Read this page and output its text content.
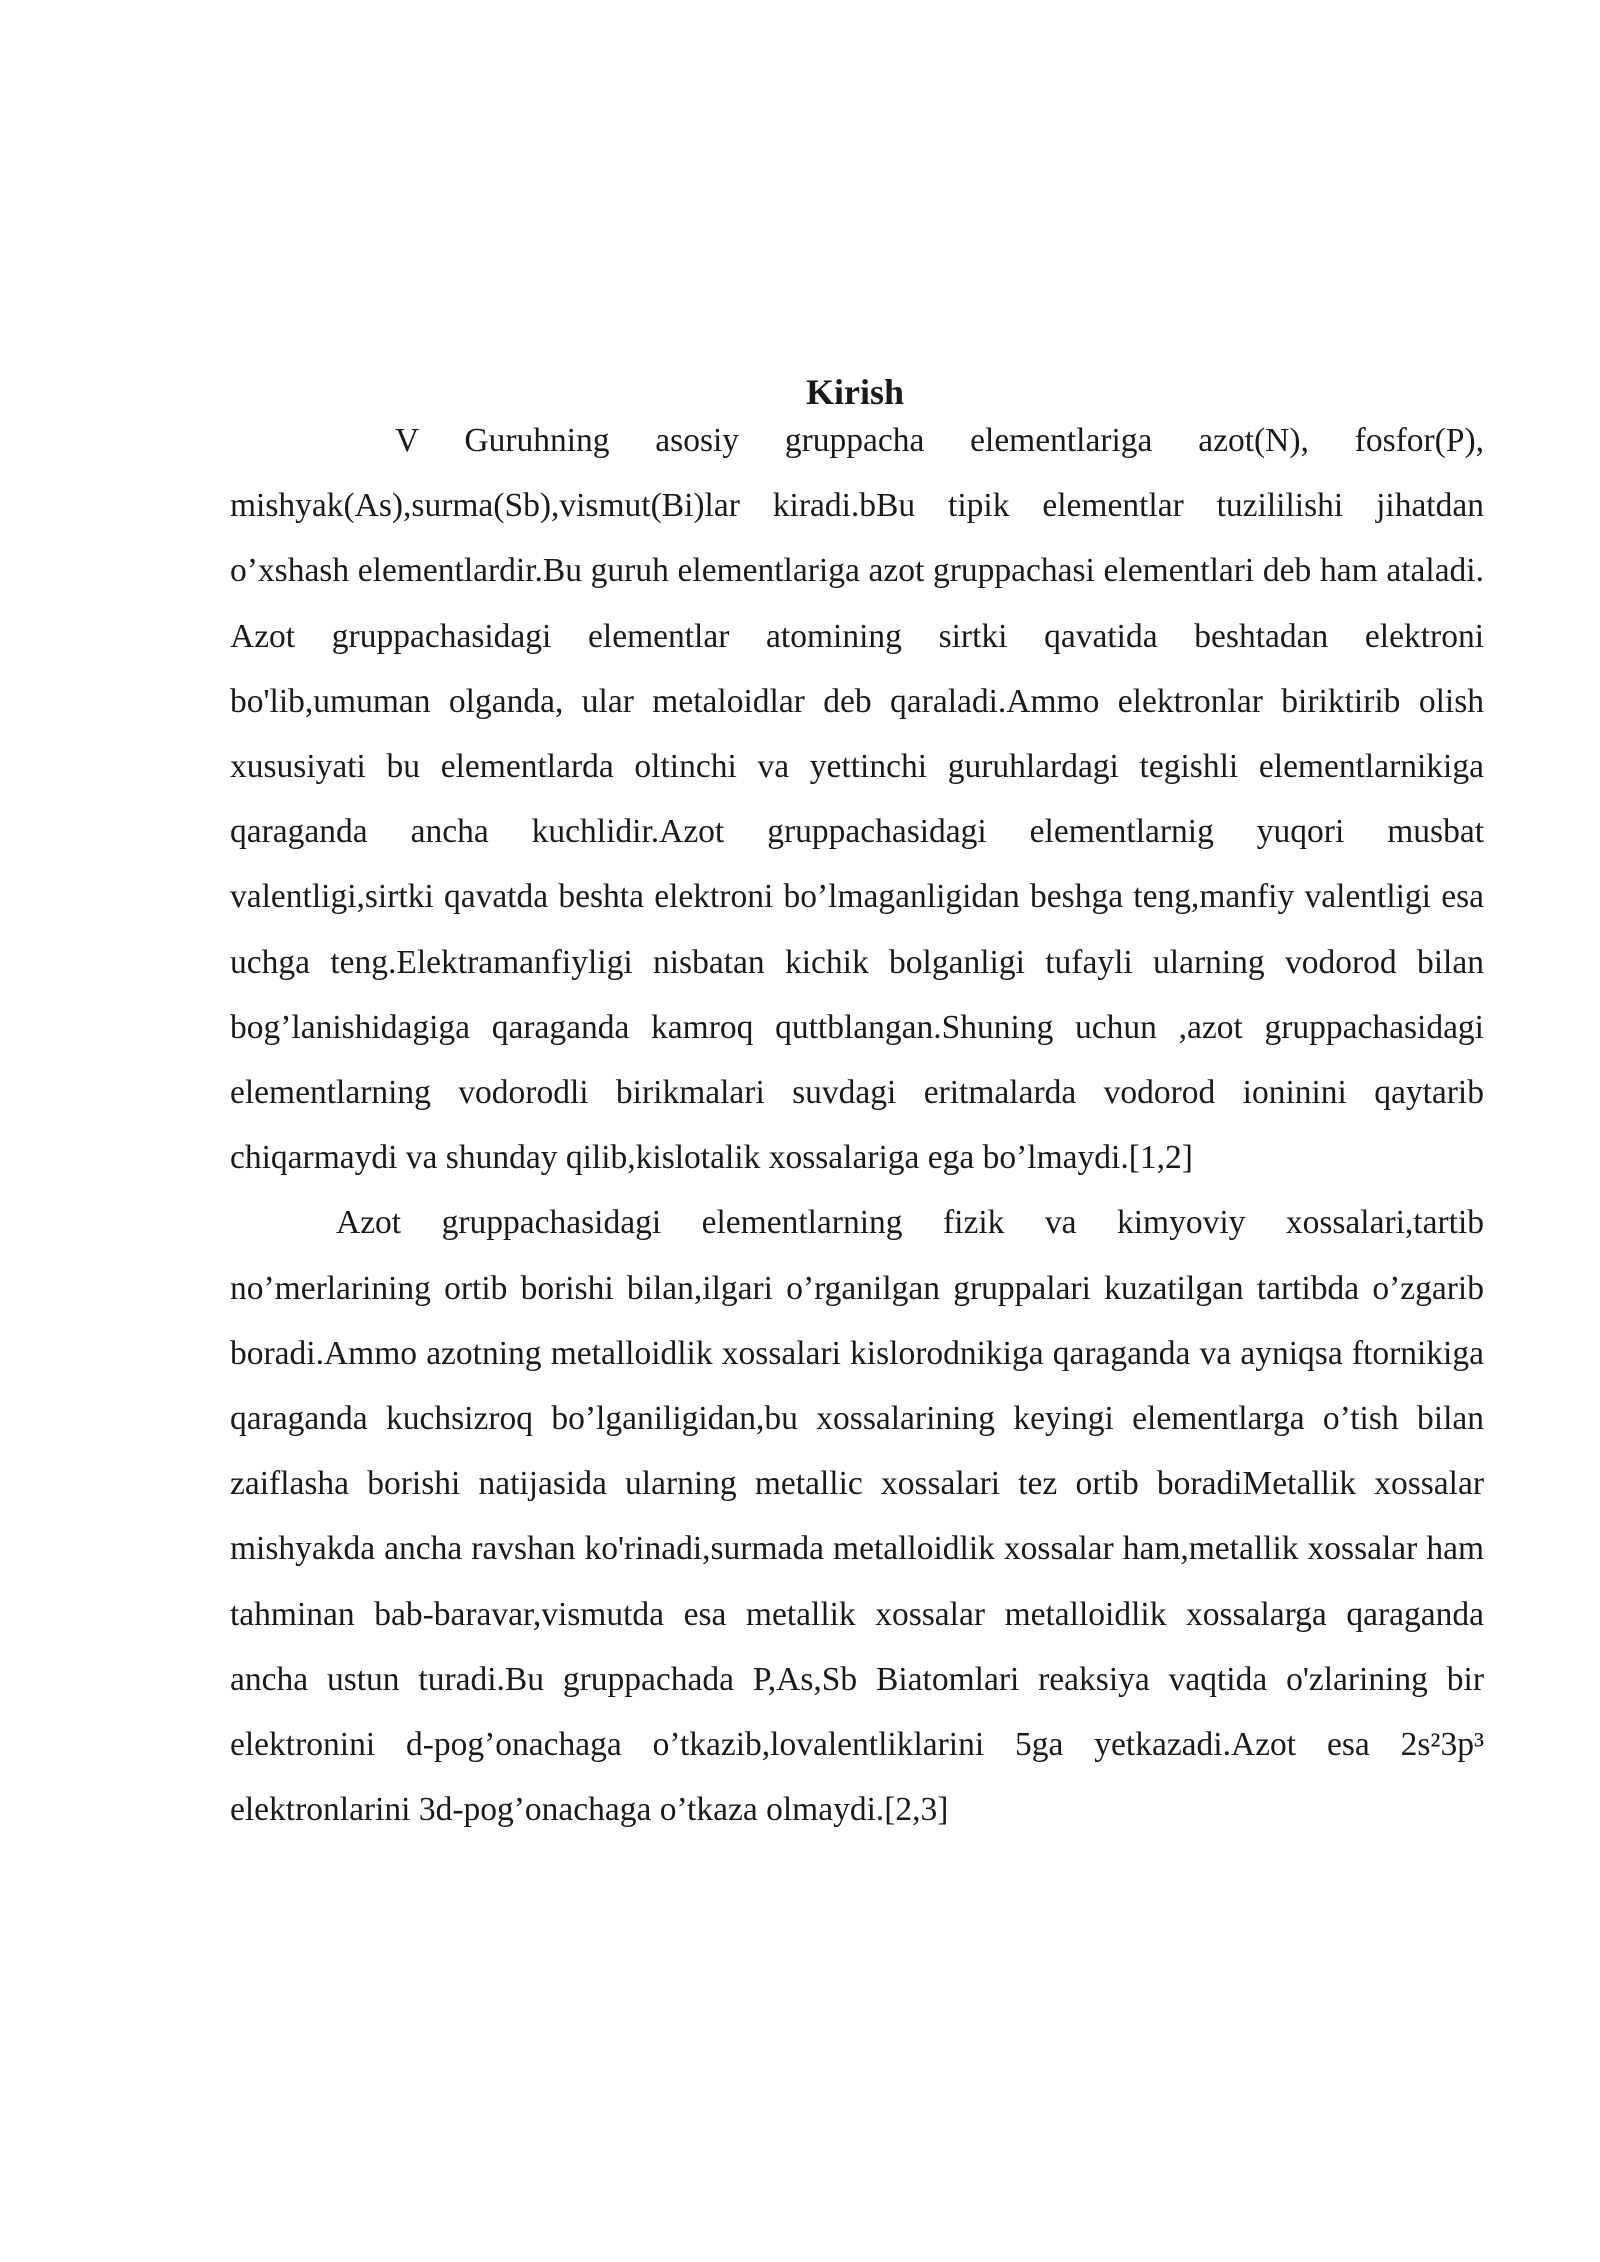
Kirish

V Guruhning asosiy gruppacha elementlariga azot(N), fosfor(P), mishyak(As),surma(Sb),vismut(Bi)lar kiradi.bBu tipik elementlar tuzililishi jihatdan o’xshash elementlardir.Bu guruh elementlariga azot gruppachasi elementlari deb ham ataladi. Azot gruppachasidagi elementlar atomining sirtki qavatida beshtadan elektroni bo'lib,umuman olganda, ular metaloidlar deb qaraladi.Ammo elektronlar biriktirib olish xususiyati bu elementlarda oltinchi va yettinchi guruhlardagi tegishli elementlarnikiga qaraganda ancha kuchlidir.Azot gruppachasidagi elementlarnig yuqori musbat valentligi,sirtki qavatda beshta elektroni bo’lmaganligidan beshga teng,manfiy valentligi esa uchga teng.Elektramanfiyligi nisbatan kichik bolganligi tufayli ularning vodorod bilan bog’lanishidagiga qaraganda kamroq quttblangan.Shuning uchun ,azot gruppachasidagi elementlarning vodorodli birikmalari suvdagi eritmalarda vodorod ioninini qaytarib chiqarmaydi va shunday qilib,kislotalik xossalariga ega bo’lmaydi.[1,2]

Azot gruppachasidagi elementlarning fizik va kimyoviy xossalari,tartib no’merlarining ortib borishi bilan,ilgari o’rganilgan gruppalari kuzatilgan tartibda o’zgarib boradi.Ammo azotning metalloidlik xossalari kislorodnikiga qaraganda va ayniqsa ftornikiga qaraganda kuchsizroq bo’lganiligidan,bu xossalarining keyingi elementlarga o’tish bilan zaiflasha borishi natijasida ularning metallic xossalari tez ortib boradiMetallik xossalar mishyakda ancha ravshan ko'rinadi,surmada metalloidlik xossalar ham,metallik xossalar ham tahminan bab-baravar,vismutda esa metallik xossalar metalloidlik xossalarga qaraganda ancha ustun turadi.Bu gruppachada P,As,Sb Biatomlari reaksiya vaqtida o'zlarining bir elektronini d-pog’onachaga o’tkazib,lovalentliklarini 5ga yetkazadi.Azot esa 2s²3p³ elektronlarini 3d-pog’onachaga o’tkaza olmaydi.[2,3]
